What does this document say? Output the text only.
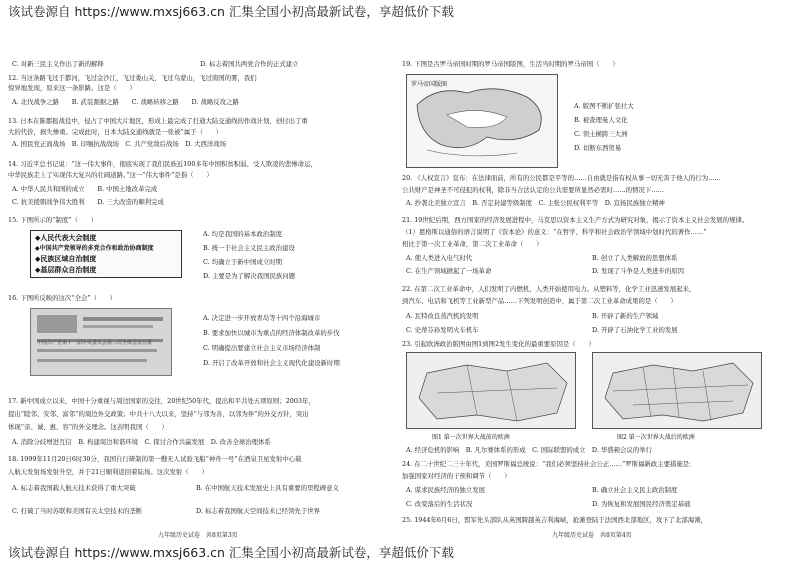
该试卷源自 https://www.mxsj663.cn 汇集全国小初高最新试卷，享超低价下载
C. 对新三民主义作出了新的解释	D. 标志着国共两党合作的正式建立
12. 当这条路飞过于都河，飞过金沙江，飞过娄山关，飞过乌蒙山，飞过南国的雾，我们
惊异地发现，原来这一条影路。这是（　　）
A. 北伐战争之路　　B. 武装割据之路　　C. 战略转移之路　　D. 战略反攻之路
13. 日本在陈郡报战役中，侵占了中国大片地区，形成上最完成了打通大陆交通线的作战计划，创付出了重
大的代价，损失惨重。完成此时，日本大陆交通线就是一张被”属于（　　）
A. 国民党正面战场　B. 印缅抗战战场　C. 共产党敌后战场　D. 大西洋战场
14. 习近平总书记说：“这一伟大事件，彻底实现了我们民族近100多年中国积贫积弱、受人欺凌的悲惨命运，
中华民族走上了实现伟大复兴的壮阔道路。”这一“伟大事件”是指（　　）
A. 中华人民共和国的成立　　B. 中国土地改革完成
C. 抗美援朝战争伟大胜利　　D. 三大改造的顺利完成
15. 下图所示的“制度”（　　）
◆人民代表大会制度
◆中国共产党领导的多党合作和政治协商制度
◆民族区域自治制度
◆基层群众自治制度
A. 均是我国的基本政治制度
B. 统一于社会主义民主政治建设
C. 均确立于新中国成立时期
D. 主要是为了解决我国民族问题
16. 下图所反映的这次“全会”（　　）
中国共产党第十一届中央委员会第三次全体会议公报
A. 决定进一步开放青岛等十四个沿海城市
B. 要求加快以城市为重点的经济体制改革的步伐
C. 明确提出要建立社会主义市场经济体制
D. 开启了改革开放和社会主义现代化建设新时期
17. 新中国成立以来，中国十分重视与周边国家的交往，20世纪50年代，提出和平共处五项原则；2003年，
提出“睦邻、安邻、富邻”的周边外交政策；中共十八大以来，坚持“与邻为善、以邻为伴”的外交方针，突出
体现“亲、诚、惠、容”的外交理念。这表明我国（　　）
A. 消除分歧增进互信　B. 构建周边和谐环境　C. 探讨合作共赢发展　D. 改善全球治理体系
18. 1999年11月20日6时30分，我国自行研制的第一艘无人试验飞船“神舟一号”在酒泉卫星发射中心载
人航天发射场发射升空，并于21日顺利返回着陆场。这次发射（　　）
A. 标志着我国载人航天技术获得了重大突破	B. 在中国航天技术发展史上具有重要的里程碑意义
C. 打破了当时苏联和美国有关太空技术的垄断	D. 标志着我国航天空间技术已经领先于世界
九年级历史试卷　共8页第3页
19. 下图是古罗马帝国时期的罗马帝国版图，生活当时期的罗马帝国（　　）
罗马帝国版图
A. 版图不断扩张壮大
B. 被查理曼人文化
C. 领土横跨三大洲
D. 切断东西贸易
20. 《人权宣言》宣布：在法律面前，所有的公民都是平等的……自由就是指有权从事一切无害于他人的行为……
公共财产是神圣不可侵犯的权利，除非当合法认定的公共需要所显然必需时……的情况下……
A. 抄袭北美独立宣言　B. 否定封建等级制度　C. 主张公民权利平等　D. 宣扬民族独立精神
21. 19世纪后期，西方国家的经济发展进程中，马克思以资本主义生产方式为研究对象，揭示了资本主义社会发展的规律。
（1）恩格斯以通俗的语言说明了《资本论》的意义：“在哲学、科学和社会政治学领域中划时代的著作……”
相比于第一次工业革命，第二次工业革命（　　）
A. 使人类进入电气时代	B. 创立了人类解放的思想体系
C. 在生产领域掀起了一场革命	D. 发现了斗争是人类进步的原因
22. 在第二次工业革命中，人们发明了内燃机，人类开始使用电力。从塑料等，化学工业迅速发展起来，
到汽车、电话和飞机等工业新型产品……下列发明创造中，属于第二次工业革命成果的是（　　）
A. 瓦特改良蒸汽机的发明	B. 开辟了新的生产领域
C. 史蒂芬孙发明火车机车	D. 开辟了石油化学工业的发展
23. 引起欧洲政治版图由图1到图2发生变化的最重要原因是（　　）
图1 第一次世界大战前的欧洲	图2 第一次世界大战后的欧洲
A. 经济危机的影响　B. 凡尔赛体系的形成　C. 国际联盟的成立　D. 华盛顿会议的举行
24. 在二十世纪二三十年代，美国罗斯福总统说：“我们必须坚持社会公正……”罗斯福新政主要措施是：
加强国家对经济的干预和调节（　　）
A. 谋求民族经济的独立发展	B. 确立社会主义民主政治制度
C. 改变落后的生活状况	D. 为恢复和发展国民经济奠定基础
25. 1944年6月6日，盟军先头部队从英国跨越英吉利海峡，抢滩登陆于法国西北部地区，攻下了北部海滩，
九年级历史试卷　共8页第4页
该试卷源自 https://www.mxsj663.cn 汇集全国小初高最新试卷，享超低价下载
